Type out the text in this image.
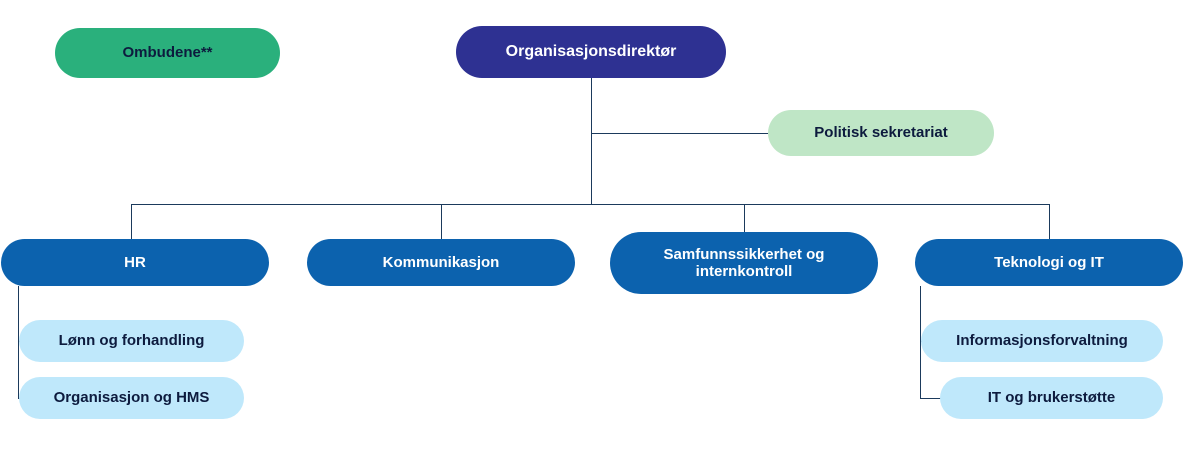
Ombudene**	Organisasjonsdirektør
Politisk sekretariat
HR	Kommunikasjon	Samfunnssikkerhet og internkontroll
Teknologi og IT
Lønn og forhandling
Organisasjon og HMS
Informasjonsforvaltning
IT og brukerstøtte
